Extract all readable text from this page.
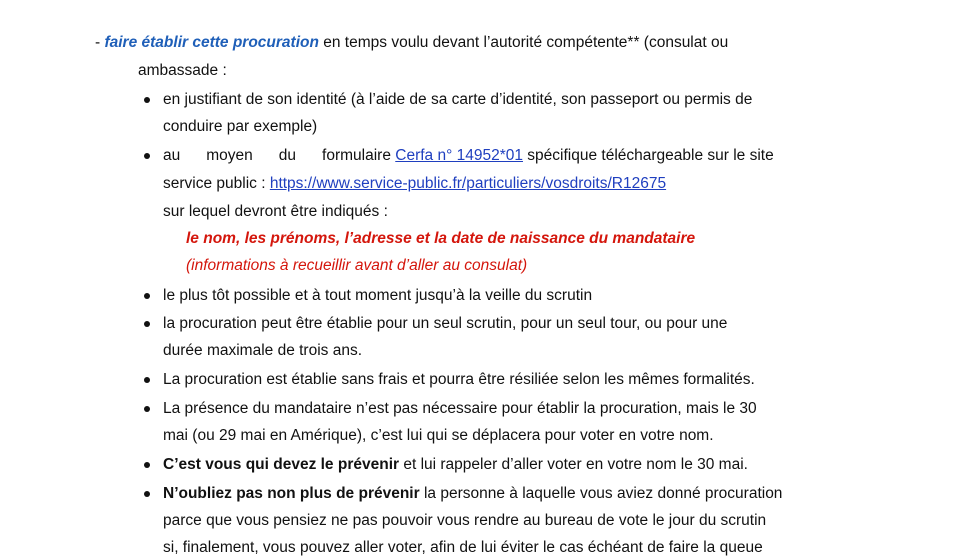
- faire établir cette procuration en temps voulu devant l’autorité compétente** (consulat ou
ambassade :
en justifiant de son identité (à l’aide de sa carte d’identité, son passeport ou permis de
conduire par exemple)
au moyen du formulaire Cerfa n° 14952*01 spécifique téléchargeable sur le site
service public : https://www.service-public.fr/particuliers/vosdroits/R12675
sur lequel devront être indiqués :
le nom, les prénoms, l’adresse et la date de naissance du mandataire
(informations à recueillir avant d’aller au consulat)
le plus tôt possible et à tout moment jusqu’à la veille du scrutin
la procuration peut être établie pour un seul scrutin, pour un seul tour, ou pour une
durée maximale de trois ans.
La procuration est établie sans frais et pourra être résiliée selon les mêmes formalités.
La présence du mandataire n’est pas nécessaire pour établir la procuration, mais le 30
mai (ou 29 mai en Amérique), c’est lui qui se déplacera pour voter en votre nom.
C’est vous qui devez le prévenir et lui rappeler d’aller voter en votre nom le 30 mai.
N’oubliez pas non plus de prévenir la personne à laquelle vous aviez donné procuration
parce que vous pensiez ne pas pouvoir vous rendre au bureau de vote le jour du scrutin
si, finalement, vous pouvez aller voter, afin de lui éviter le cas échéant de faire la queue
